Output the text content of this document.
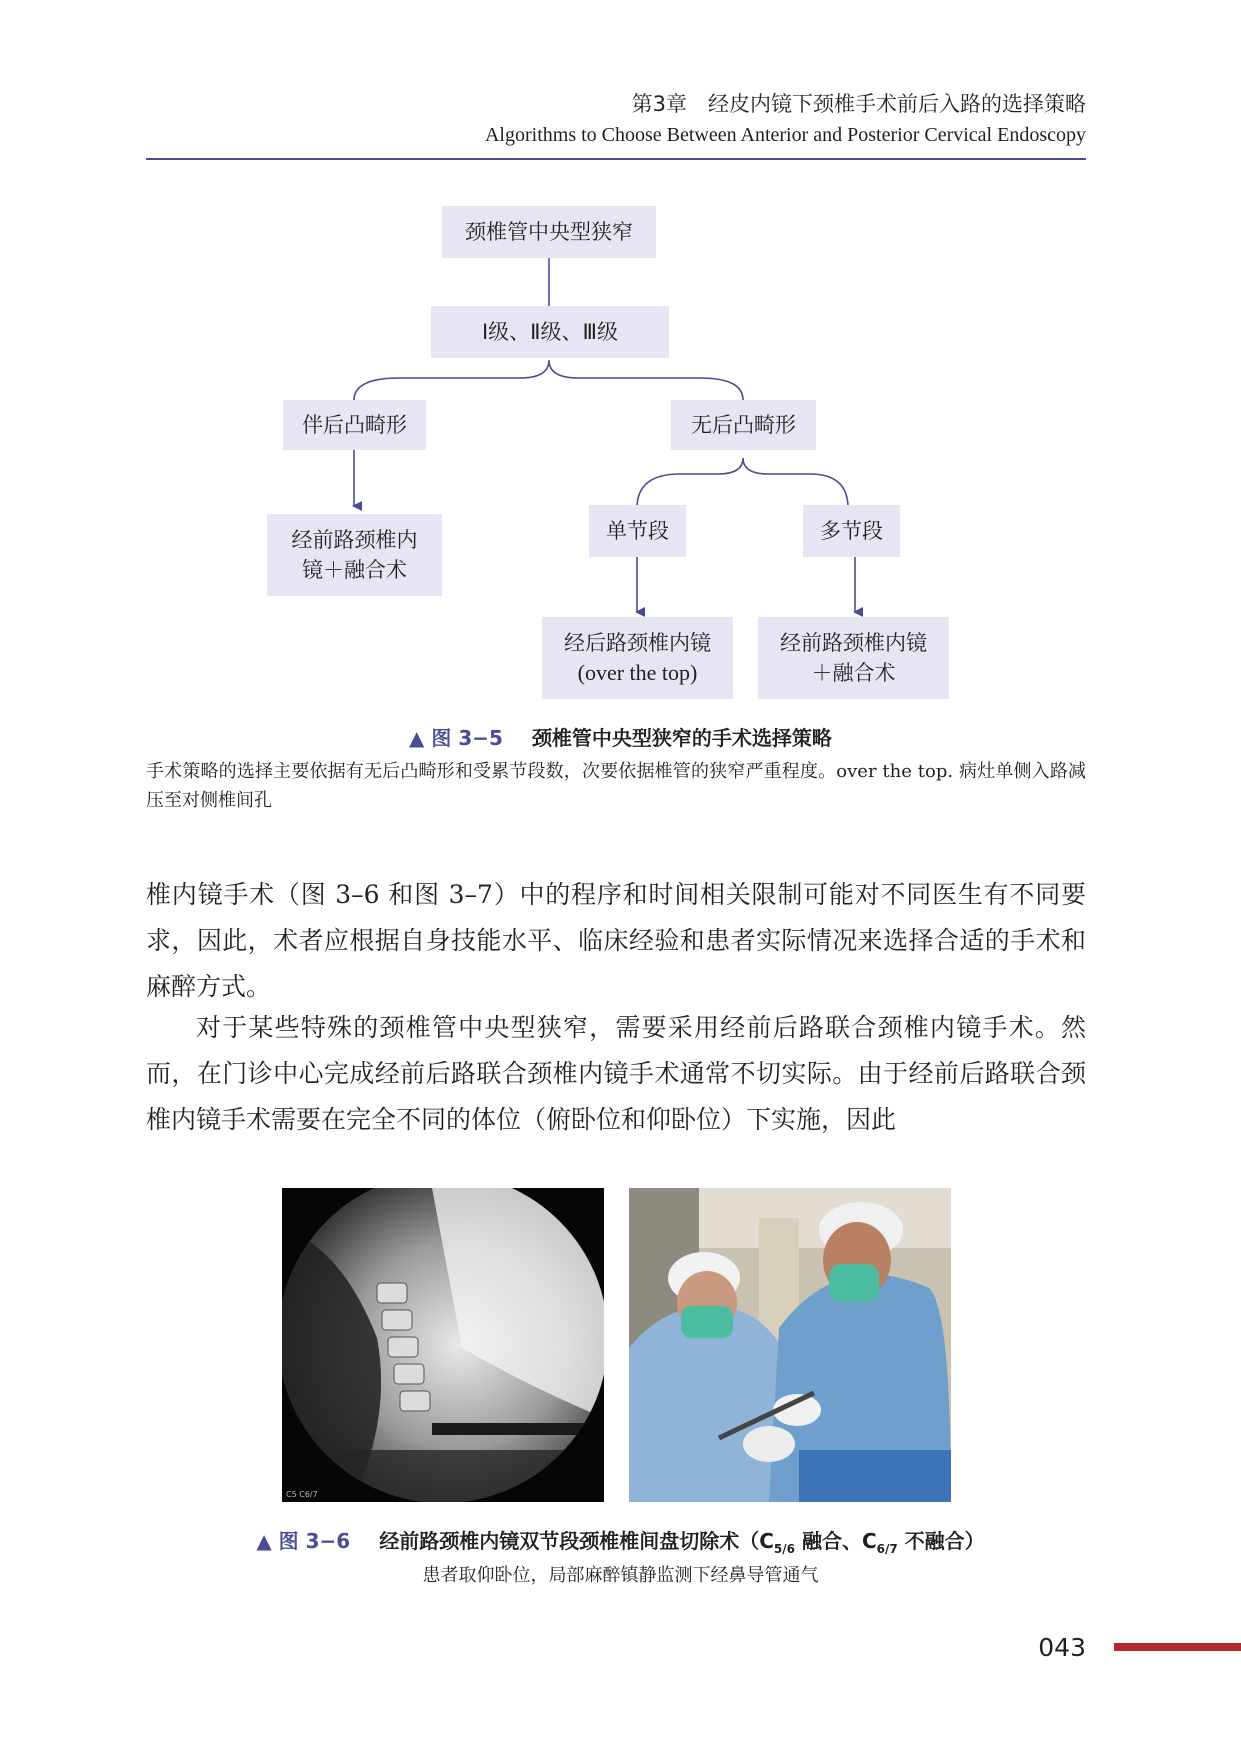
第3章　经皮内镜下颈椎手术前后入路的选择策略
Algorithms to Choose Between Anterior and Posterior Cervical Endoscopy
颈椎管中央型狭窄
Ⅰ级、Ⅱ级、Ⅲ级
伴后凸畸形	无后凸畸形
经前路颈椎内
镜＋融合术
单节段	多节段
经后路颈椎内镜
(over the top)
经前路颈椎内镜
＋融合术
▲ 图 3−5 颈椎管中央型狭窄的手术选择策略
手术策略的选择主要依据有无后凸畸形和受累节段数，次要依据椎管的狭窄严重程度。over the top. 病灶单侧入路减压至对侧椎间孔
椎内镜手术（图 3–6 和图 3–7）中的程序和时间相关限制可能对不同医生有不同要求，因此，术者应根据自身技能水平、临床经验和患者实际情况来选择合适的手术和麻醉方式。
对于某些特殊的颈椎管中央型狭窄，需要采用经前后路联合颈椎内镜手术。然而，在门诊中心完成经前后路联合颈椎内镜手术通常不切实际。由于经前后路联合颈椎内镜手术需要在完全不同的体位（俯卧位和仰卧位）下实施，因此
C5 C6/7
▲ 图 3−6 经前路颈椎内镜双节段颈椎椎间盘切除术（$C_{5/6}$ 融合、$C_{6/7}$ 不融合）
患者取仰卧位，局部麻醉镇静监测下经鼻导管通气
043
